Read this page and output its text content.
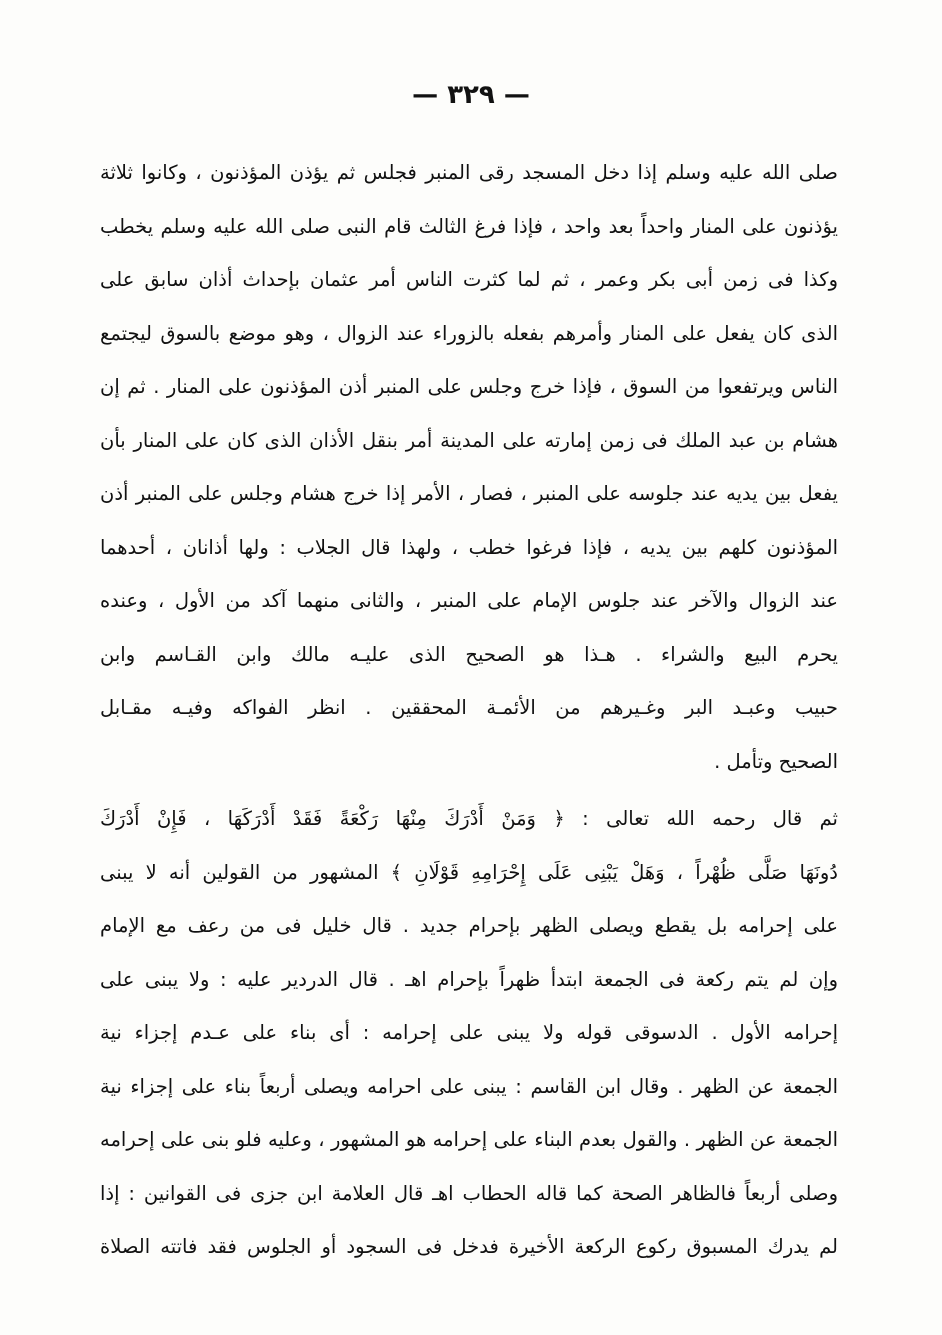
— ٣٢٩ —
صلى الله عليه وسلم إذا دخل المسجد رقى المنبر فجلس ثم يؤذن المؤذنون ، وكانوا ثلاثة
يؤذنون على المنار واحداً بعد واحد ، فإذا فرغ الثالث قام النبى صلى الله عليه وسلم يخطب
وكذا فى زمن أبى بكر وعمر ، ثم لما كثرت الناس أمر عثمان بإحداث أذان سابق على
الذى كان يفعل على المنار وأمرهم بفعله بالزوراء عند الزوال ، وهو موضع بالسوق ليجتمع
الناس ويرتفعوا من السوق ، فإذا خرج وجلس على المنبر أذن المؤذنون على المنار . ثم إن
هشام بن عبد الملك فى زمن إمارته على المدينة أمر بنقل الأذان الذى كان على المنار بأن
يفعل بين يديه عند جلوسه على المنبر ، فصار ، الأمر إذا خرج هشام وجلس على المنبر أذن
المؤذنون كلهم بين يديه ، فإذا فرغوا خطب ، ولهذا قال الجلاب : ولها أذانان ، أحدهما
عند الزوال والآخر عند جلوس الإمام على المنبر ، والثانى منهما آكد من الأول ، وعنده
يحرم البيع والشراء . هـذا هو الصحيح الذى عليـه مالك وابن القـاسم وابن
حبيب وعبـد البر وغـيرهم من الأئمـة المحققين . انظر الفواكه وفيـه مقـابل
الصحيح وتأمل .
ثم قال رحمه الله تعالى : ﴿ وَمَنْ أَدْرَكَ مِنْهَا رَكْعَةً فَقَدْ أَدْرَكَهَا ، فَإِنْ أَدْرَكَ
دُونَهَا صَلَّى ظُهْراً ، وَهَلْ يَبْنِى عَلَى إِحْرَامِهِ قَوْلَانِ ﴾ المشهور من القولين أنه لا يبنى
على إحرامه بل يقطع ويصلى الظهر بإحرام جديد . قال خليل فى من رعف مع الإمام
وإن لم يتم ركعة فى الجمعة ابتدأ ظهراً بإحرام اهـ . قال الدردير عليه : ولا يبنى على
إحرامه الأول . الدسوقى قوله ولا يبنى على إحرامه : أى بناء على عـدم إجزاء نية
الجمعة عن الظهر . وقال ابن القاسم : يبنى على احرامه ويصلى أربعاً بناء على إجزاء نية
الجمعة عن الظهر . والقول بعدم البناء على إحرامه هو المشهور ، وعليه فلو بنى على إحرامه
وصلى أربعاً فالظاهر الصحة كما قاله الحطاب اهـ قال العلامة ابن جزى فى القوانين : إذا
لم يدرك المسبوق ركوع الركعة الأخيرة فدخل فى السجود أو الجلوس فقد فاتته الصلاة
